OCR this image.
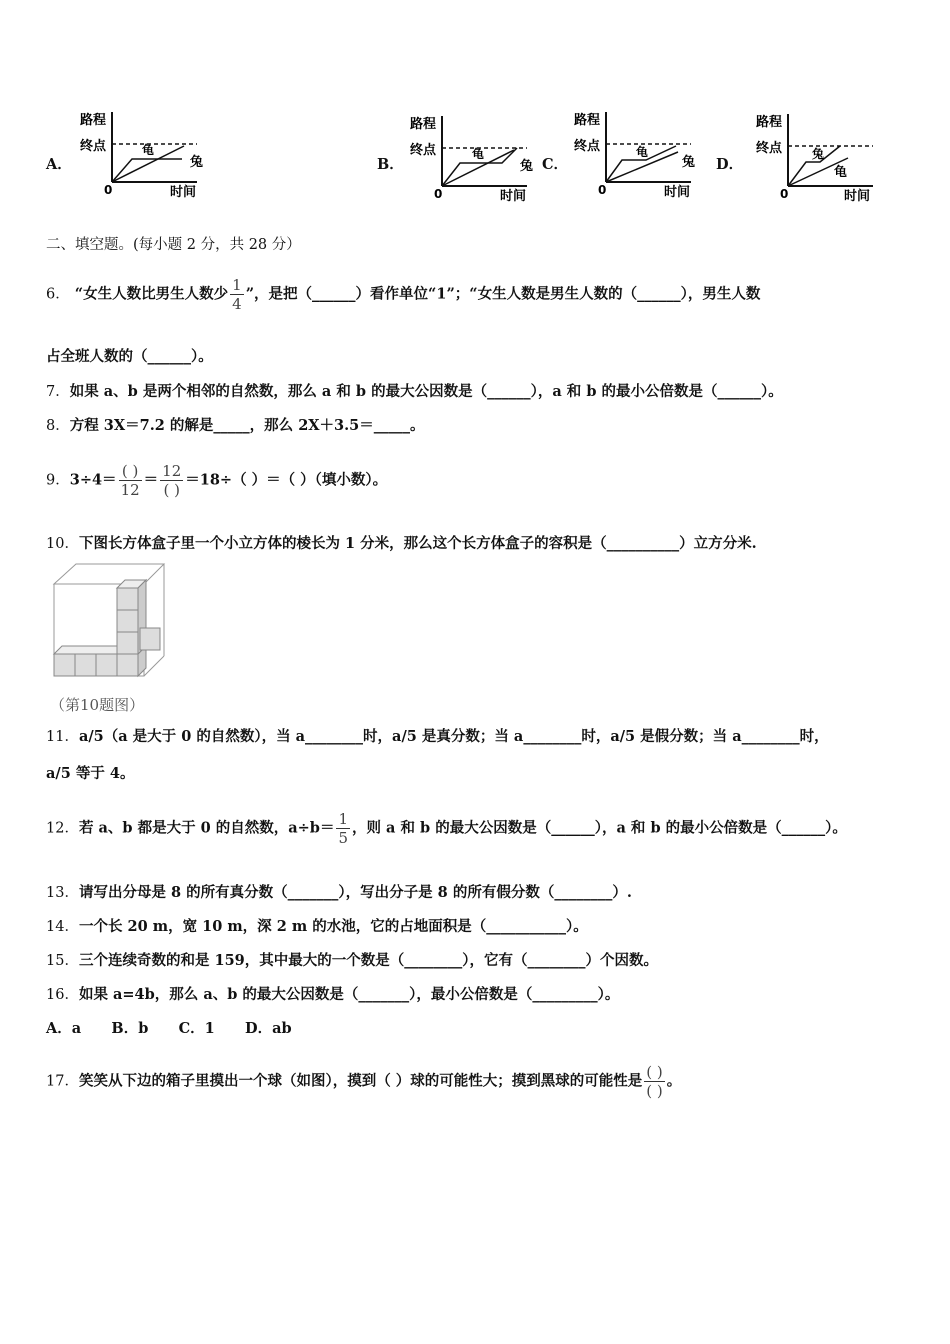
A．
路程
终点
0	时间
龟
兔	B．
路程
终点
0	时间
龟
兔 C．
路程
终点
0	时间
龟
兔 D．
路程
终点
0	时间
兔
龟
二、填空题。(每小题 2 分，共 28 分）
6． “女生人数比男生人数少 $\frac{1}{4}$ ”，是把（______）看作单位“1”；“女生人数是男生人数的（______），男生人数
占全班人数的（______）。
7．如果 a、b 是两个相邻的自然数，那么 a 和 b 的最大公因数是（______），a 和 b 的最小公倍数是（______）。
8．方程 3X＝7.2 的解是_____，那么 2X＋3.5＝_____。
9．$3\div 4= \frac{( )}{12} = \frac{12}{( )} =18\div$（ ）＝（ ）（填小数）。
10．下图长方体盒子里一个小立方体的棱长为 1 分米，那么这个长方体盒子的容积是（__________）立方分米.
（第10题图）
11．a/5（a 是大于 0 的自然数），当 a________时，a/5 是真分数；当 a________时，a/5 是假分数；当 a________时，
a/5 等于 4。
12．若 a、b 都是大于 0 的自然数，$a\div b= \frac{1}{5}$ ，则 a 和 b 的最大公因数是（______），a 和 b 的最小公倍数是（______）。
13．请写出分母是 8 的所有真分数（_______），写出分子是 8 的所有假分数（________）.
14．一个长 20 m，宽 10 m，深 2 m 的水池，它的占地面积是（___________）。
15．三个连续奇数的和是 159，其中最大的一个数是（________），它有（________）个因数。
16．如果 a=4b，那么 a、b 的最大公因数是（_______），最小公倍数是（_________）。
A．a      B．b      C．1      D．ab
17．笑笑从下边的箱子里摸出一个球（如图），摸到（ ）球的可能性大；摸到黑球的可能性是 $\frac{( )}{( )}$ 。
